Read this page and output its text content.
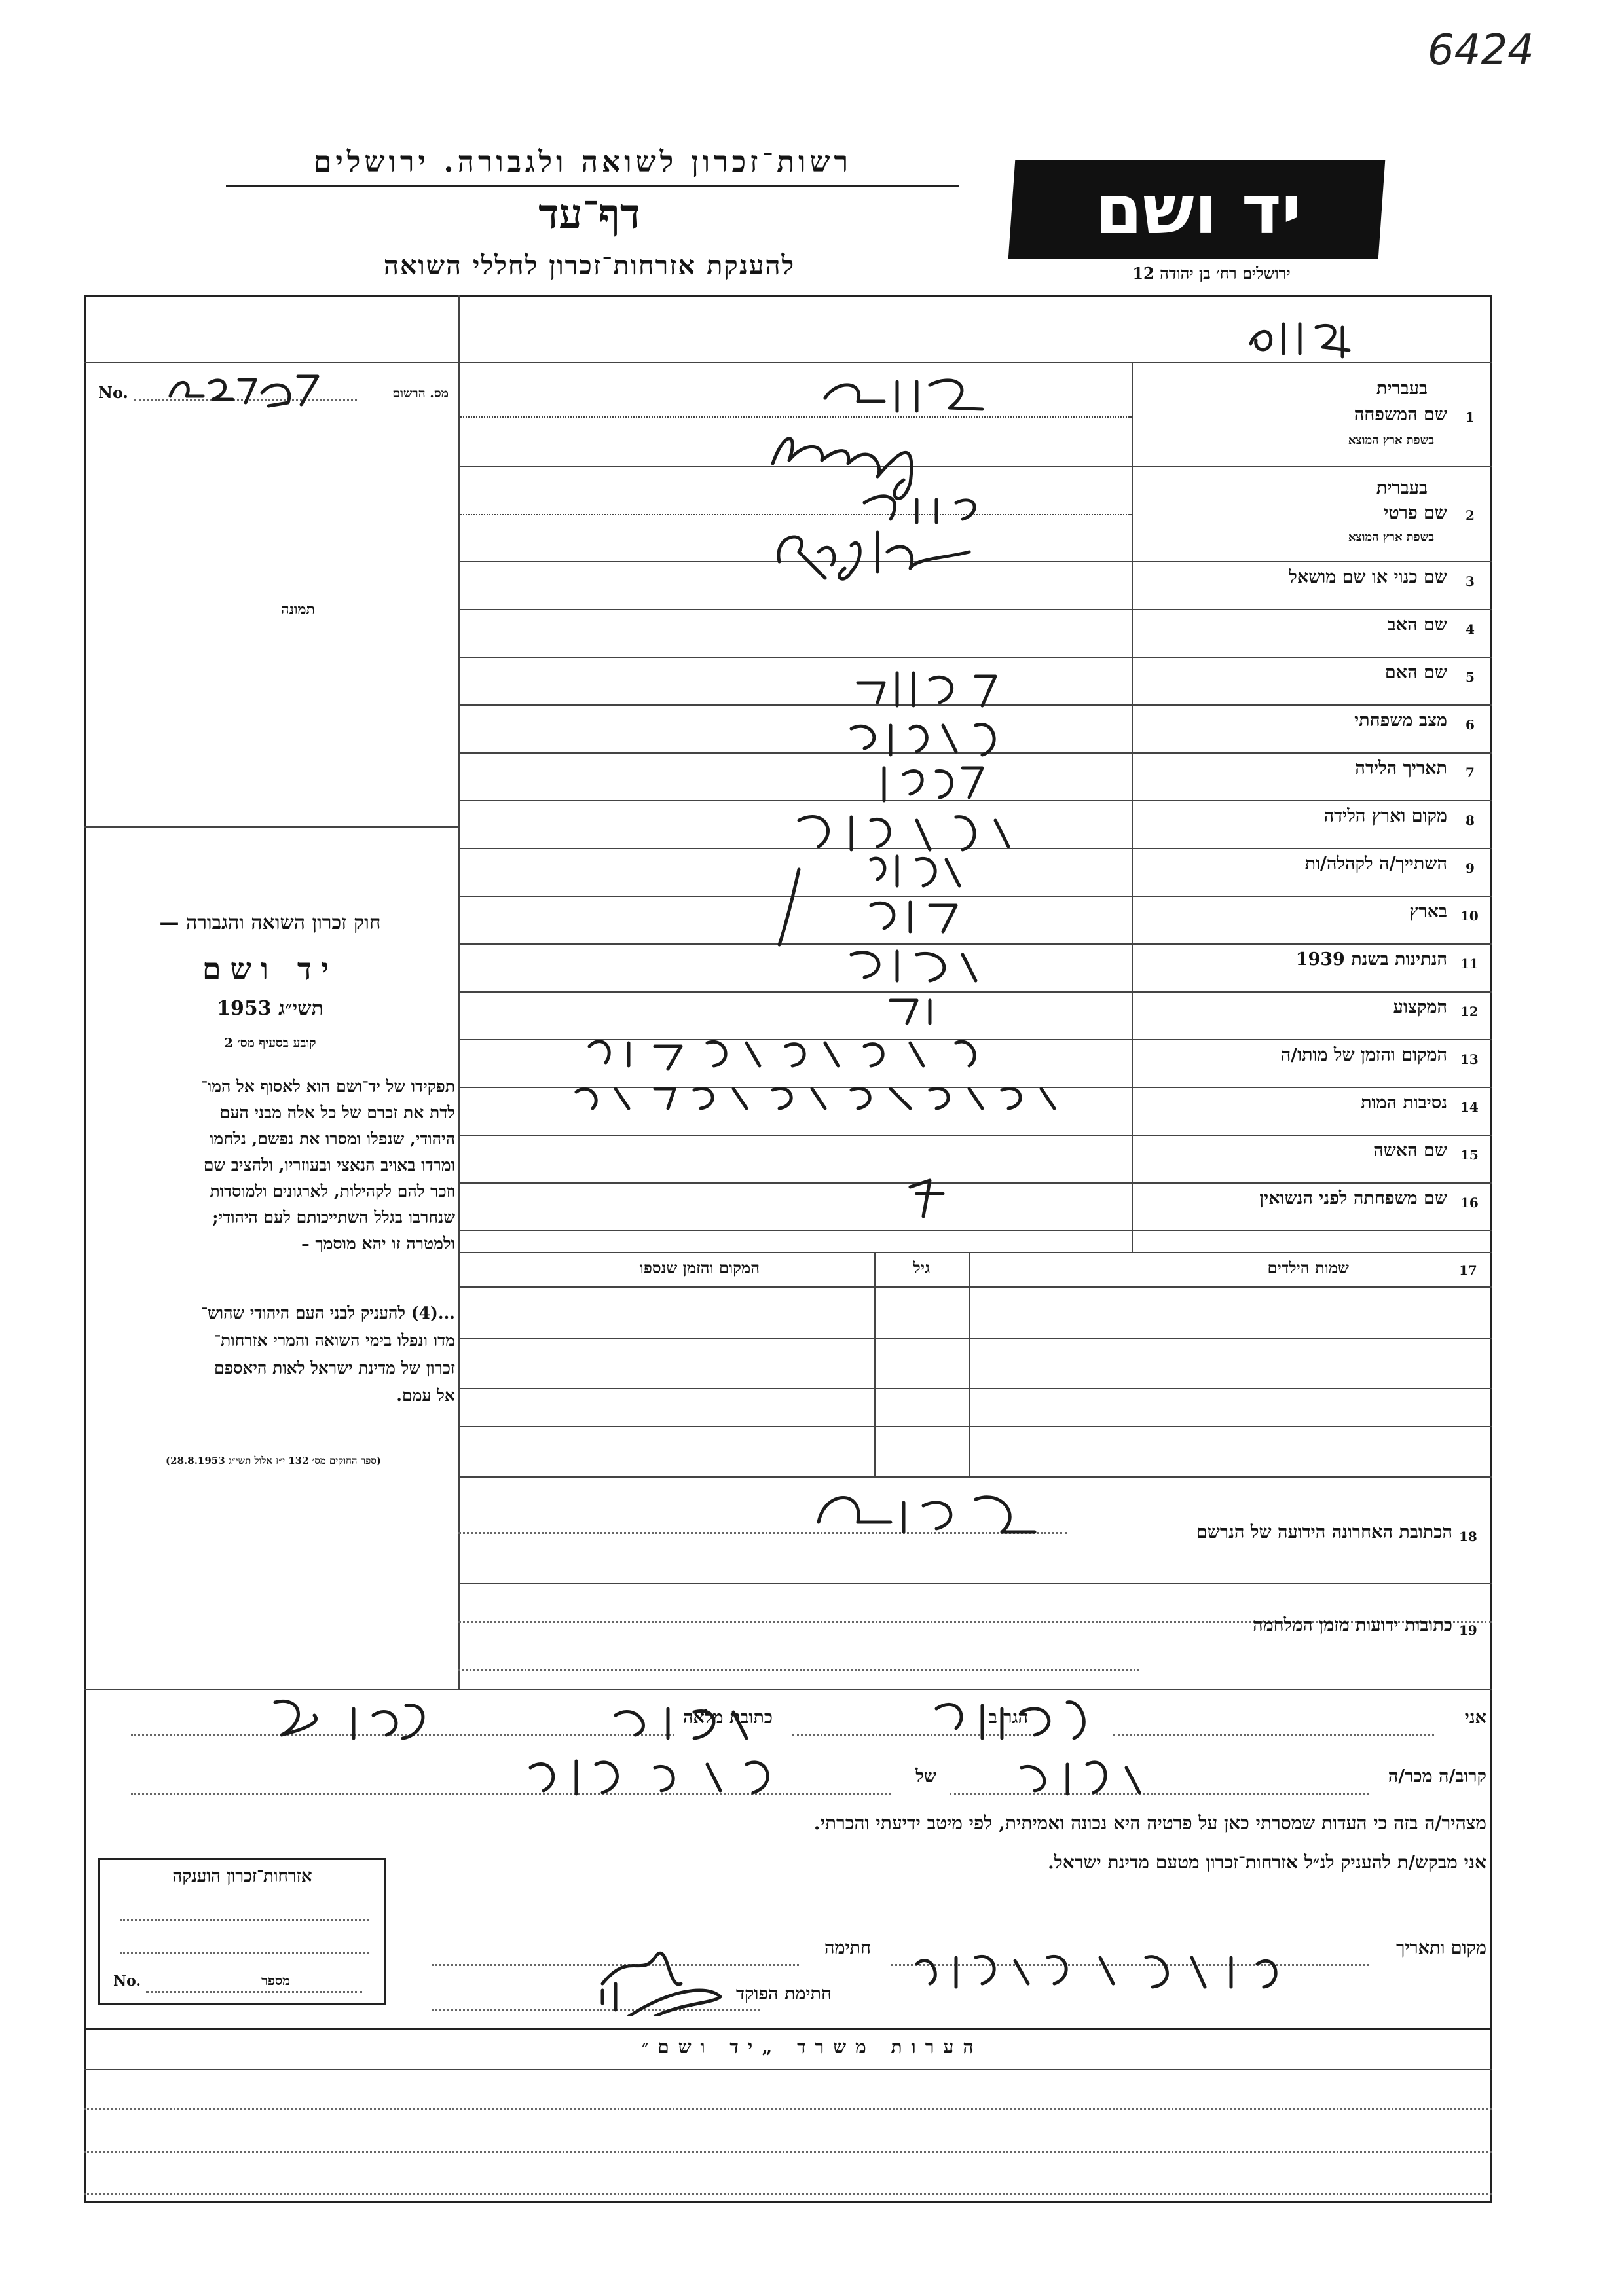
6424
רשות־זכרון לשואה ולגבורה. ירושלים
דף־עד
להענקת אזרחות־זכרון לחללי השואה
יד ושם
ירושלים רח׳ בן יהודה 12
No.	מס. הרשום
תמונה
חוק זכרון השואה והגבורה —
יד ושם
תשי״ג 1953
קובע בסעיף מס׳ 2
תפקידו של יד־ושם הוא לאסוף אל המו־
לדת את זכרם של כל אלה מבני העם
היהודי, שנפלו ומסרו את נפשם, נלחמו
ומרדו באויב הנאצי ובעוזריו, ולהציב שם
וזכר להם לקהילות, לארגונים ולמוסדות
שנחרבו בגלל השתייכותם לעם היהודי;
ולמטרה זו יהא מוסמך –
...(4) להעניק לבני העם היהודי שהוש־
מדו ונפלו בימי השואה והמרי אזרחות־
זכרון של מדינת ישראל לאות היאספם
אל עמם.
(ספר החוקים מס׳ 132 י״ז אלול תשי״ג 28.8.1953)
1
שם המשפחה
בעברית
בשפת ארץ המוצא
2
שם פרטי
בעברית
בשפת ארץ המוצא
3
שם כנוי או שם מושאל
4
שם האב
5
שם האם
6
מצב משפחתי
7
תאריך הלידה
8
מקום וארץ הלידה
9
השתייך/ה לקהלה/ות
10
בארץ
11
הנתינות בשנת 1939
12
המקצוע
13
המקום והזמן של מותו/ה
14
נסיבות המות
15
שם האשה
16
שם משפחתה לפני הנשואין
17
שמות הילדים
גיל
המקום והזמן שנספו
18
הכתובת האחרונה הידועה של הנרשם
19
כתובות ידועות מזמן המלחמה
אני
הגר ב
כתובת מלאה
קרוב/ה מכר/ה
של
מצהיר/ה בזה כי העדות שמסרתי כאן על פרטיה היא נכונה ואמיתית, לפי מיטב ידיעתי והכרתי.
אני מבקש/ת להעניק לנ״ל אזרחות־זכרון מטעם מדינת ישראל.
מקום ותאריך
חתימה
חתימת הפוקד
אזרחות־זכרון הוענקה
No.	מספר
הערות משרד „יד ושם״
